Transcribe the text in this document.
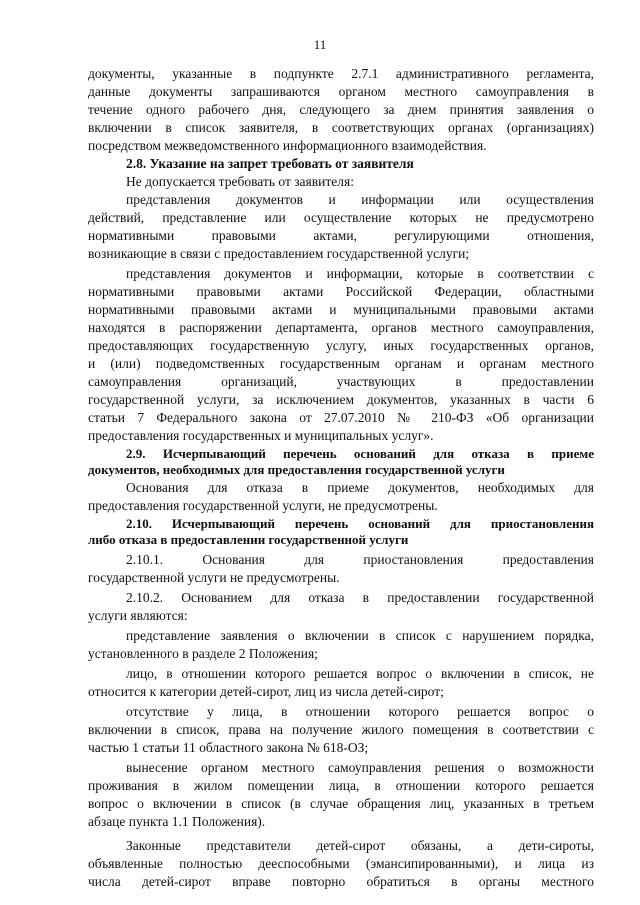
11
документы, указанные в подпункте 2.7.1 административного регламента,
данные документы запрашиваются органом местного самоуправления в
течение одного рабочего дня, следующего за днем принятия заявления о
включении в список заявителя, в соответствующих органах (организациях)
посредством межведомственного информационного взаимодействия.
2.8. Указание на запрет требовать от заявителя
Не допускается требовать от заявителя:
представления документов и информации или осуществления
действий, представление или осуществление которых не предусмотрено
нормативными правовыми актами, регулирующими отношения,
возникающие в связи с предоставлением государственной услуги;
представления документов и информации, которые в соответствии с
нормативными правовыми актами Российской Федерации, областными
нормативными правовыми актами и муниципальными правовыми актами
находятся в распоряжении департамента, органов местного самоуправления,
предоставляющих государственную услугу, иных государственных органов,
и (или) подведомственных государственным органам и органам местного
самоуправления организаций, участвующих в предоставлении
государственной услуги, за исключением документов, указанных в части 6
статьи 7 Федерального закона от 27.07.2010 № 210-ФЗ «Об организации
предоставления государственных и муниципальных услуг».
2.9. Исчерпывающий перечень оснований для отказа в приеме
документов, необходимых для предоставления государственной услуги
Основания для отказа в приеме документов, необходимых для
предоставления государственной услуги, не предусмотрены.
2.10. Исчерпывающий перечень оснований для приостановления
либо отказа в предоставлении государственной услуги
2.10.1. Основания для приостановления предоставления
государственной услуги не предусмотрены.
2.10.2. Основанием для отказа в предоставлении государственной
услуги являются:
представление заявления о включении в список с нарушением порядка,
установленного в разделе 2 Положения;
лицо, в отношении которого решается вопрос о включении в список, не
относится к категории детей-сирот, лиц из числа детей-сирот;
отсутствие у лица, в отношении которого решается вопрос о
включении в список, права на получение жилого помещения в соответствии с
частью 1 статьи 11 областного закона № 618-ОЗ;
вынесение органом местного самоуправления решения о возможности
проживания в жилом помещении лица, в отношении которого решается
вопрос о включении в список (в случае обращения лиц, указанных в третьем
абзаце пункта 1.1 Положения).
Законные представители детей-сирот обязаны, а дети-сироты,
объявленные полностью дееспособными (эмансипированными), и лица из
числа детей-сирот вправе повторно обратиться в органы местного
